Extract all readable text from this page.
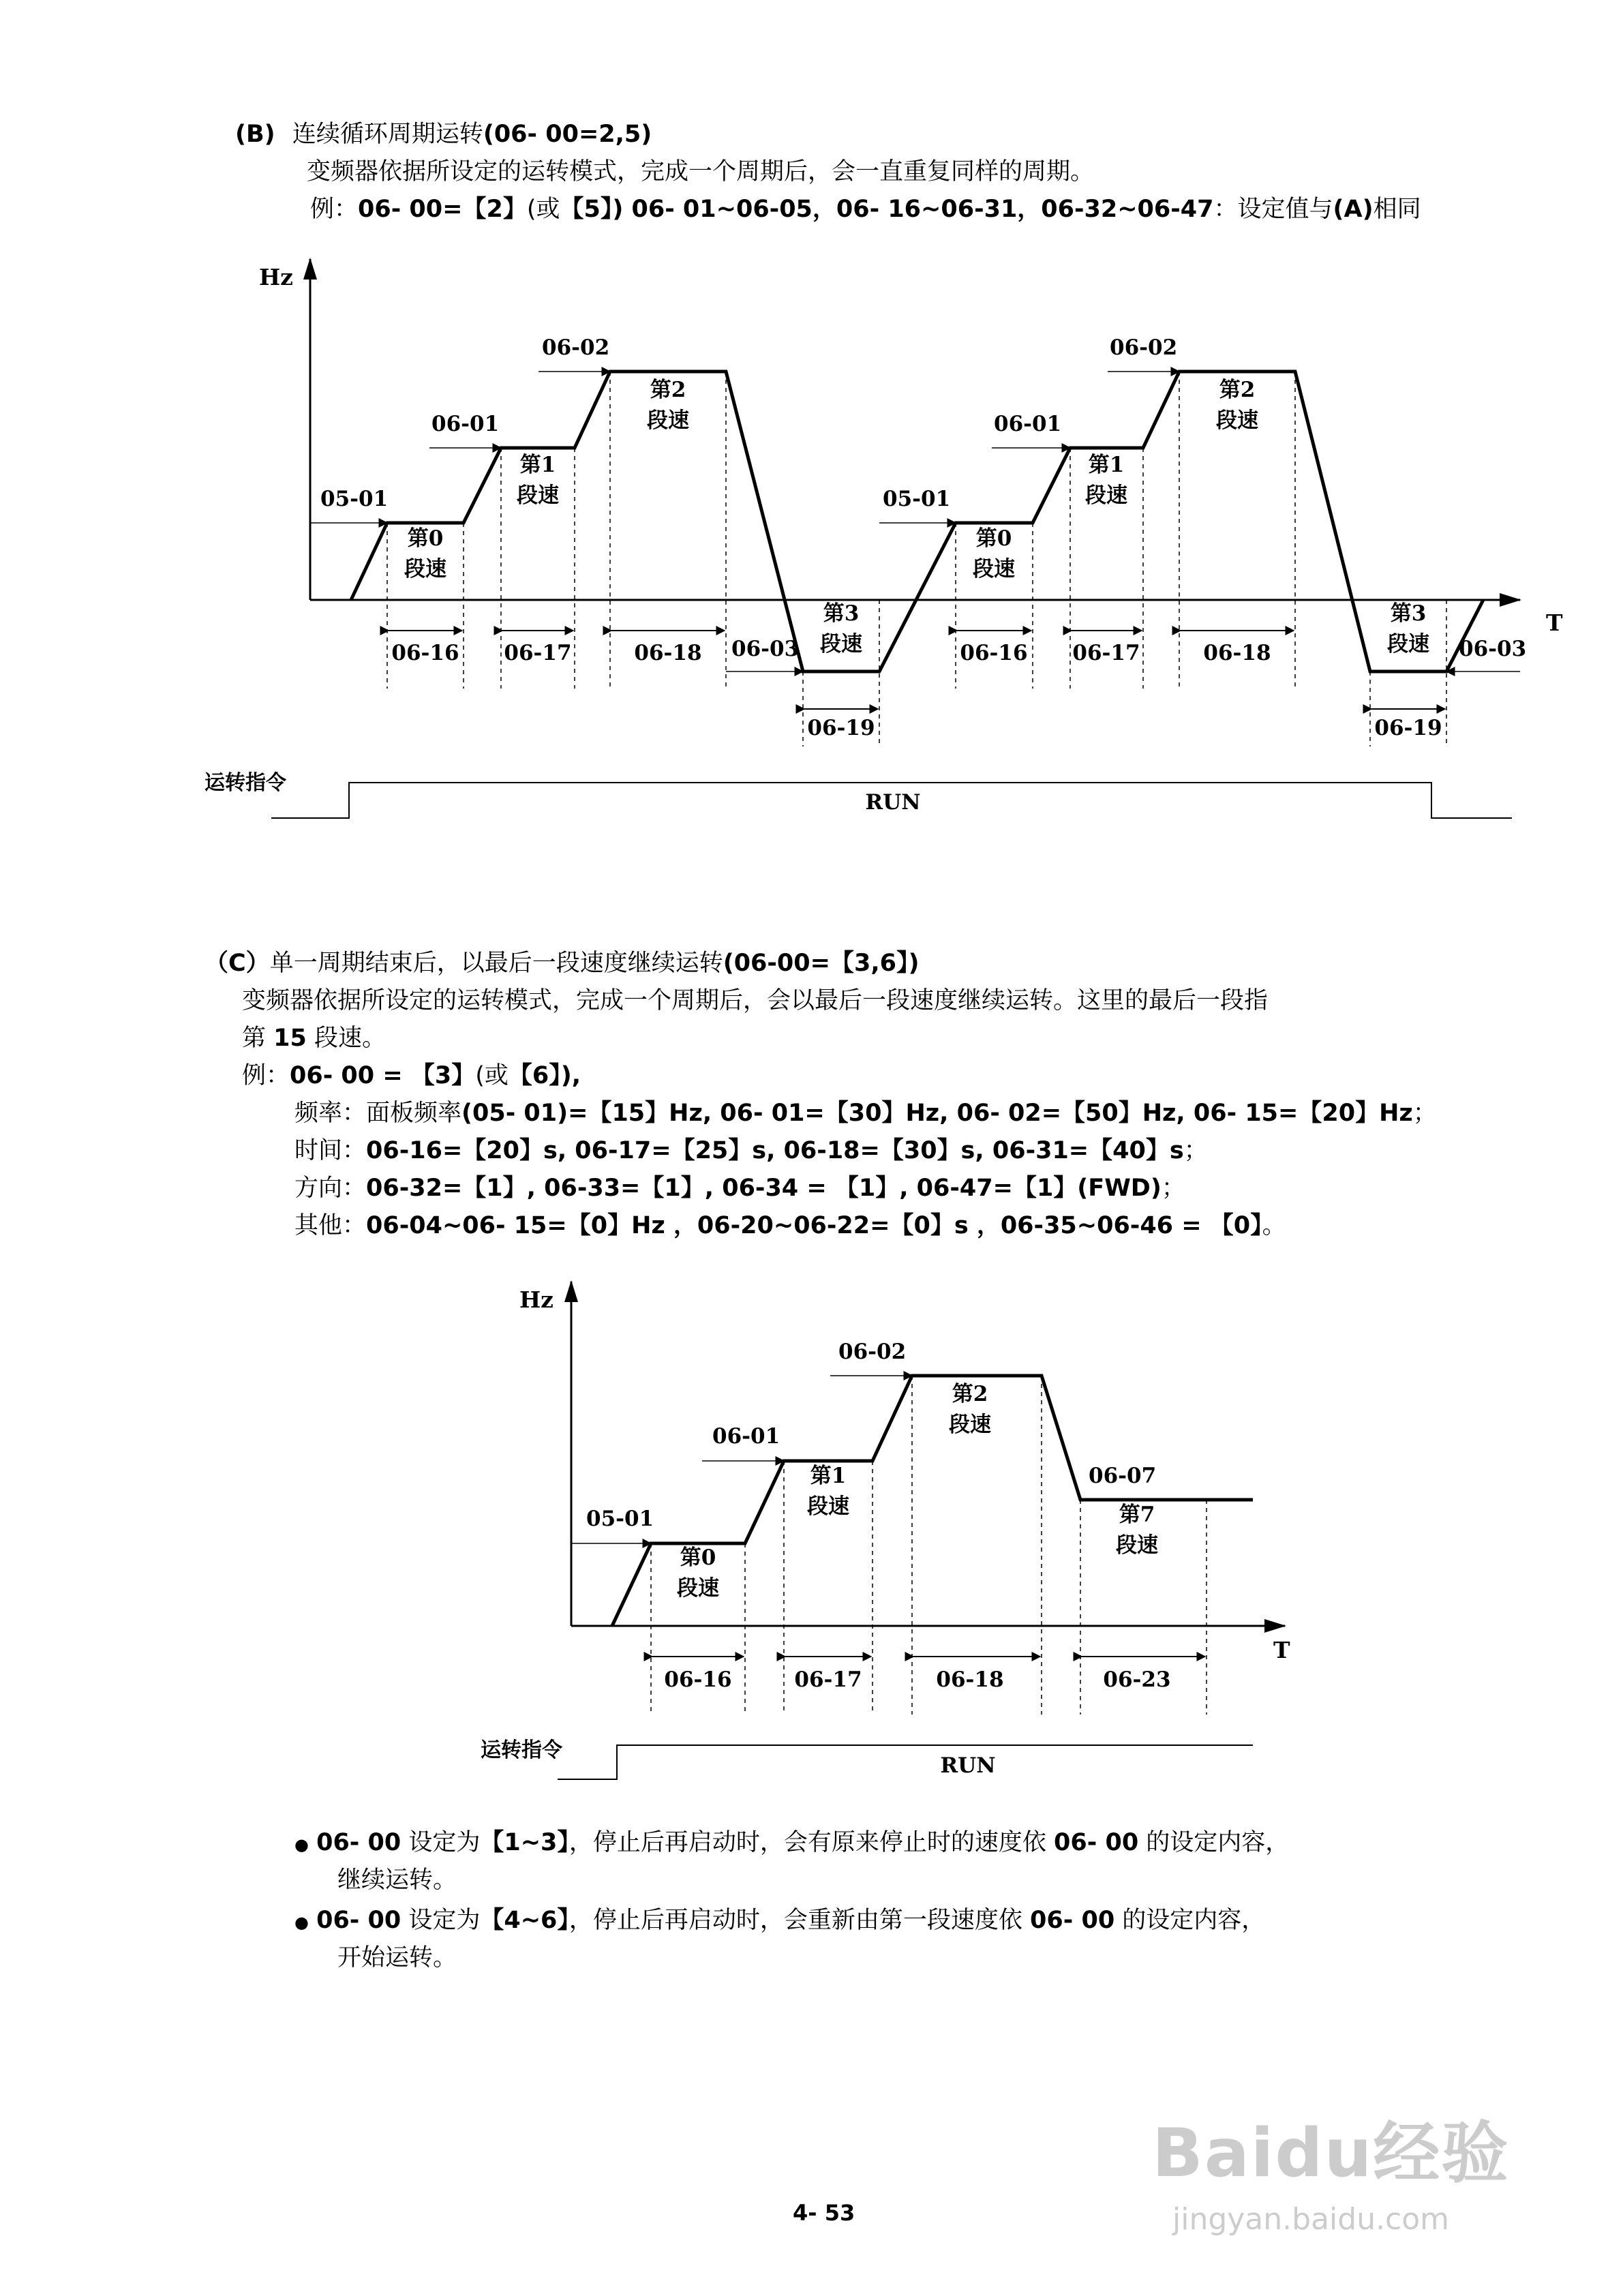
(B) 连续循环周期运转(06- 00=2,5)
变频器依据所设定的运转模式，完成一个周期后，会一直重复同样的周期。
例：06- 00=【2】(或【5】) 06- 01~06-05，06- 16~06-31，06-32~06-47：设定值与(A)相同
Hz
T
05-01
06-01
06-02
05-01
06-01
06-02
06-03	06-03
第0
段速
第1
段速
第2
段速
第3
段速
第0
段速
第1
段速
第2
段速
第3
段速
06-16 06-17	06-18
06-19
06-16 06-17	06-18
06-19
运转指令
RUN
（C）单一周期结束后，以最后一段速度继续运转(06-00=【3,6】)
变频器依据所设定的运转模式，完成一个周期后，会以最后一段速度继续运转。这里的最后一段指
第 15 段速。
例：06- 00 = 【3】(或【6】),
频率：面板频率(05- 01)=【15】Hz, 06- 01=【30】Hz, 06- 02=【50】Hz, 06- 15=【20】Hz；
时间：06-16=【20】s, 06-17=【25】s, 06-18=【30】s, 06-31=【40】s；
方向：06-32=【1】, 06-33=【1】, 06-34 = 【1】, 06-47=【1】(FWD)；
其他：06-04~06- 15=【0】Hz ，06-20~06-22=【0】s ，06-35~06-46 = 【0】。
Hz
T
05-01
06-01
06-02
06-07
第0
段速
第1
段速
第2
段速
第7
段速
06-16	06-17	06-18	06-23
运转指令
RUN
● 06- 00 设定为【1~3】，停止后再启动时，会有原来停止时的速度依 06- 00 的设定内容，
继续运转。
● 06- 00 设定为【4~6】，停止后再启动时，会重新由第一段速度依 06- 00 的设定内容，
开始运转。
Baidu经验
jingyan.baidu.com
4- 53
